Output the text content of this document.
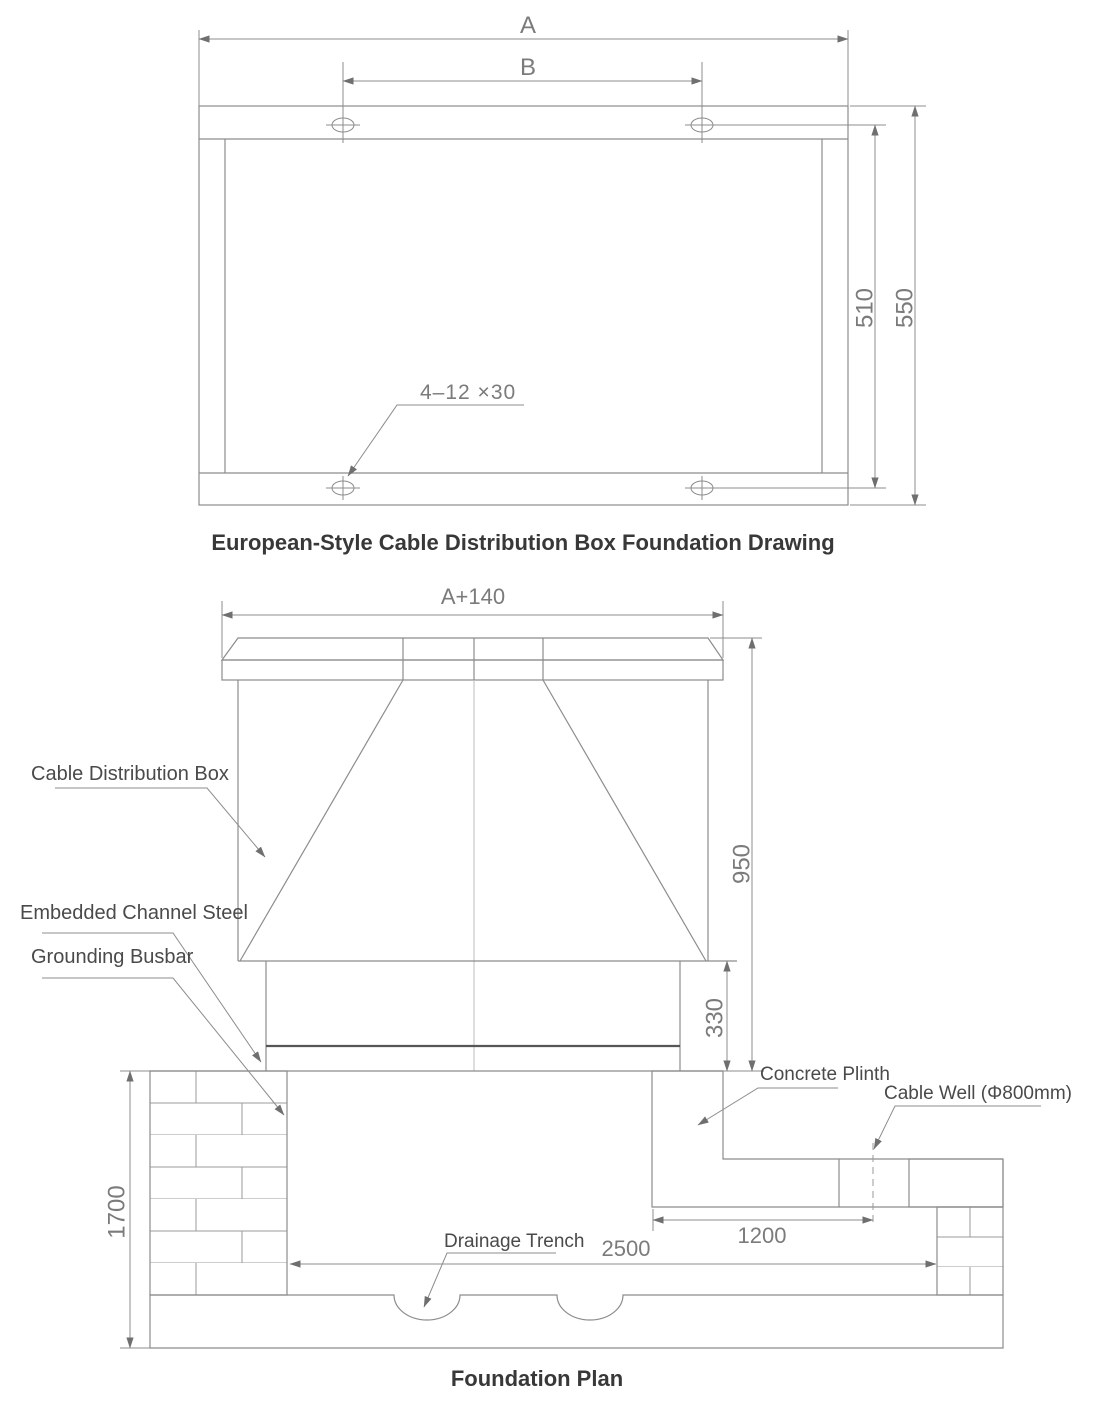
A
B
510 550
4–12 ×30
European-Style Cable Distribution Box Foundation Drawing
A+140
950
330
1700	1200
2500
Cable Distribution Box
Embedded Channel Steel
Grounding Busbar
Concrete Plinth
Cable Well (Φ800mm)
Drainage Trench
Foundation Plan
